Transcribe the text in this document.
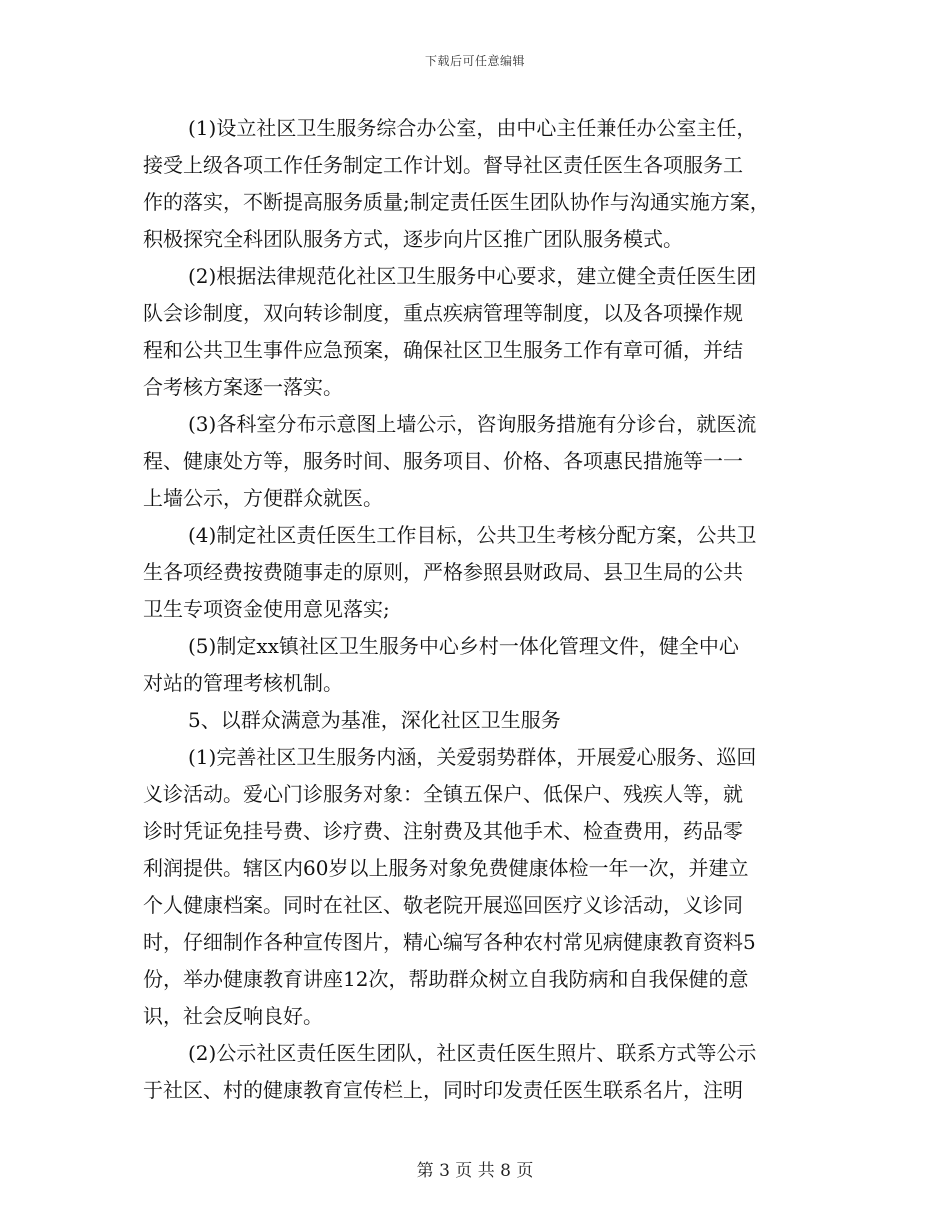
下载后可任意编辑
(1)设立社区卫生服务综合办公室，由中心主任兼任办公室主任，
接受上级各项工作任务制定工作计划。督导社区责任医生各项服务工
作的落实，不断提高服务质量;制定责任医生团队协作与沟通实施方案，
积极探究全科团队服务方式，逐步向片区推广团队服务模式。
(2)根据法律规范化社区卫生服务中心要求，建立健全责任医生团
队会诊制度，双向转诊制度，重点疾病管理等制度，以及各项操作规
程和公共卫生事件应急预案，确保社区卫生服务工作有章可循，并结
合考核方案逐一落实。
(3)各科室分布示意图上墙公示，咨询服务措施有分诊台，就医流
程、健康处方等，服务时间、服务项目、价格、各项惠民措施等一一
上墙公示，方便群众就医。
(4)制定社区责任医生工作目标，公共卫生考核分配方案，公共卫
生各项经费按费随事走的原则，严格参照县财政局、县卫生局的公共
卫生专项资金使用意见落实;
(5)制定xx镇社区卫生服务中心乡村一体化管理文件，健全中心
对站的管理考核机制。
5、以群众满意为基准，深化社区卫生服务
(1)完善社区卫生服务内涵，关爱弱势群体，开展爱心服务、巡回
义诊活动。爱心门诊服务对象：全镇五保户、低保户、残疾人等，就
诊时凭证免挂号费、诊疗费、注射费及其他手术、检查费用，药品零
利润提供。辖区内60岁以上服务对象免费健康体检一年一次，并建立
个人健康档案。同时在社区、敬老院开展巡回医疗义诊活动，义诊同
时，仔细制作各种宣传图片，精心编写各种农村常见病健康教育资料5
份，举办健康教育讲座12次，帮助群众树立自我防病和自我保健的意
识，社会反响良好。
(2)公示社区责任医生团队，社区责任医生照片、联系方式等公示
于社区、村的健康教育宣传栏上，同时印发责任医生联系名片，注明
第 3 页 共 8 页
